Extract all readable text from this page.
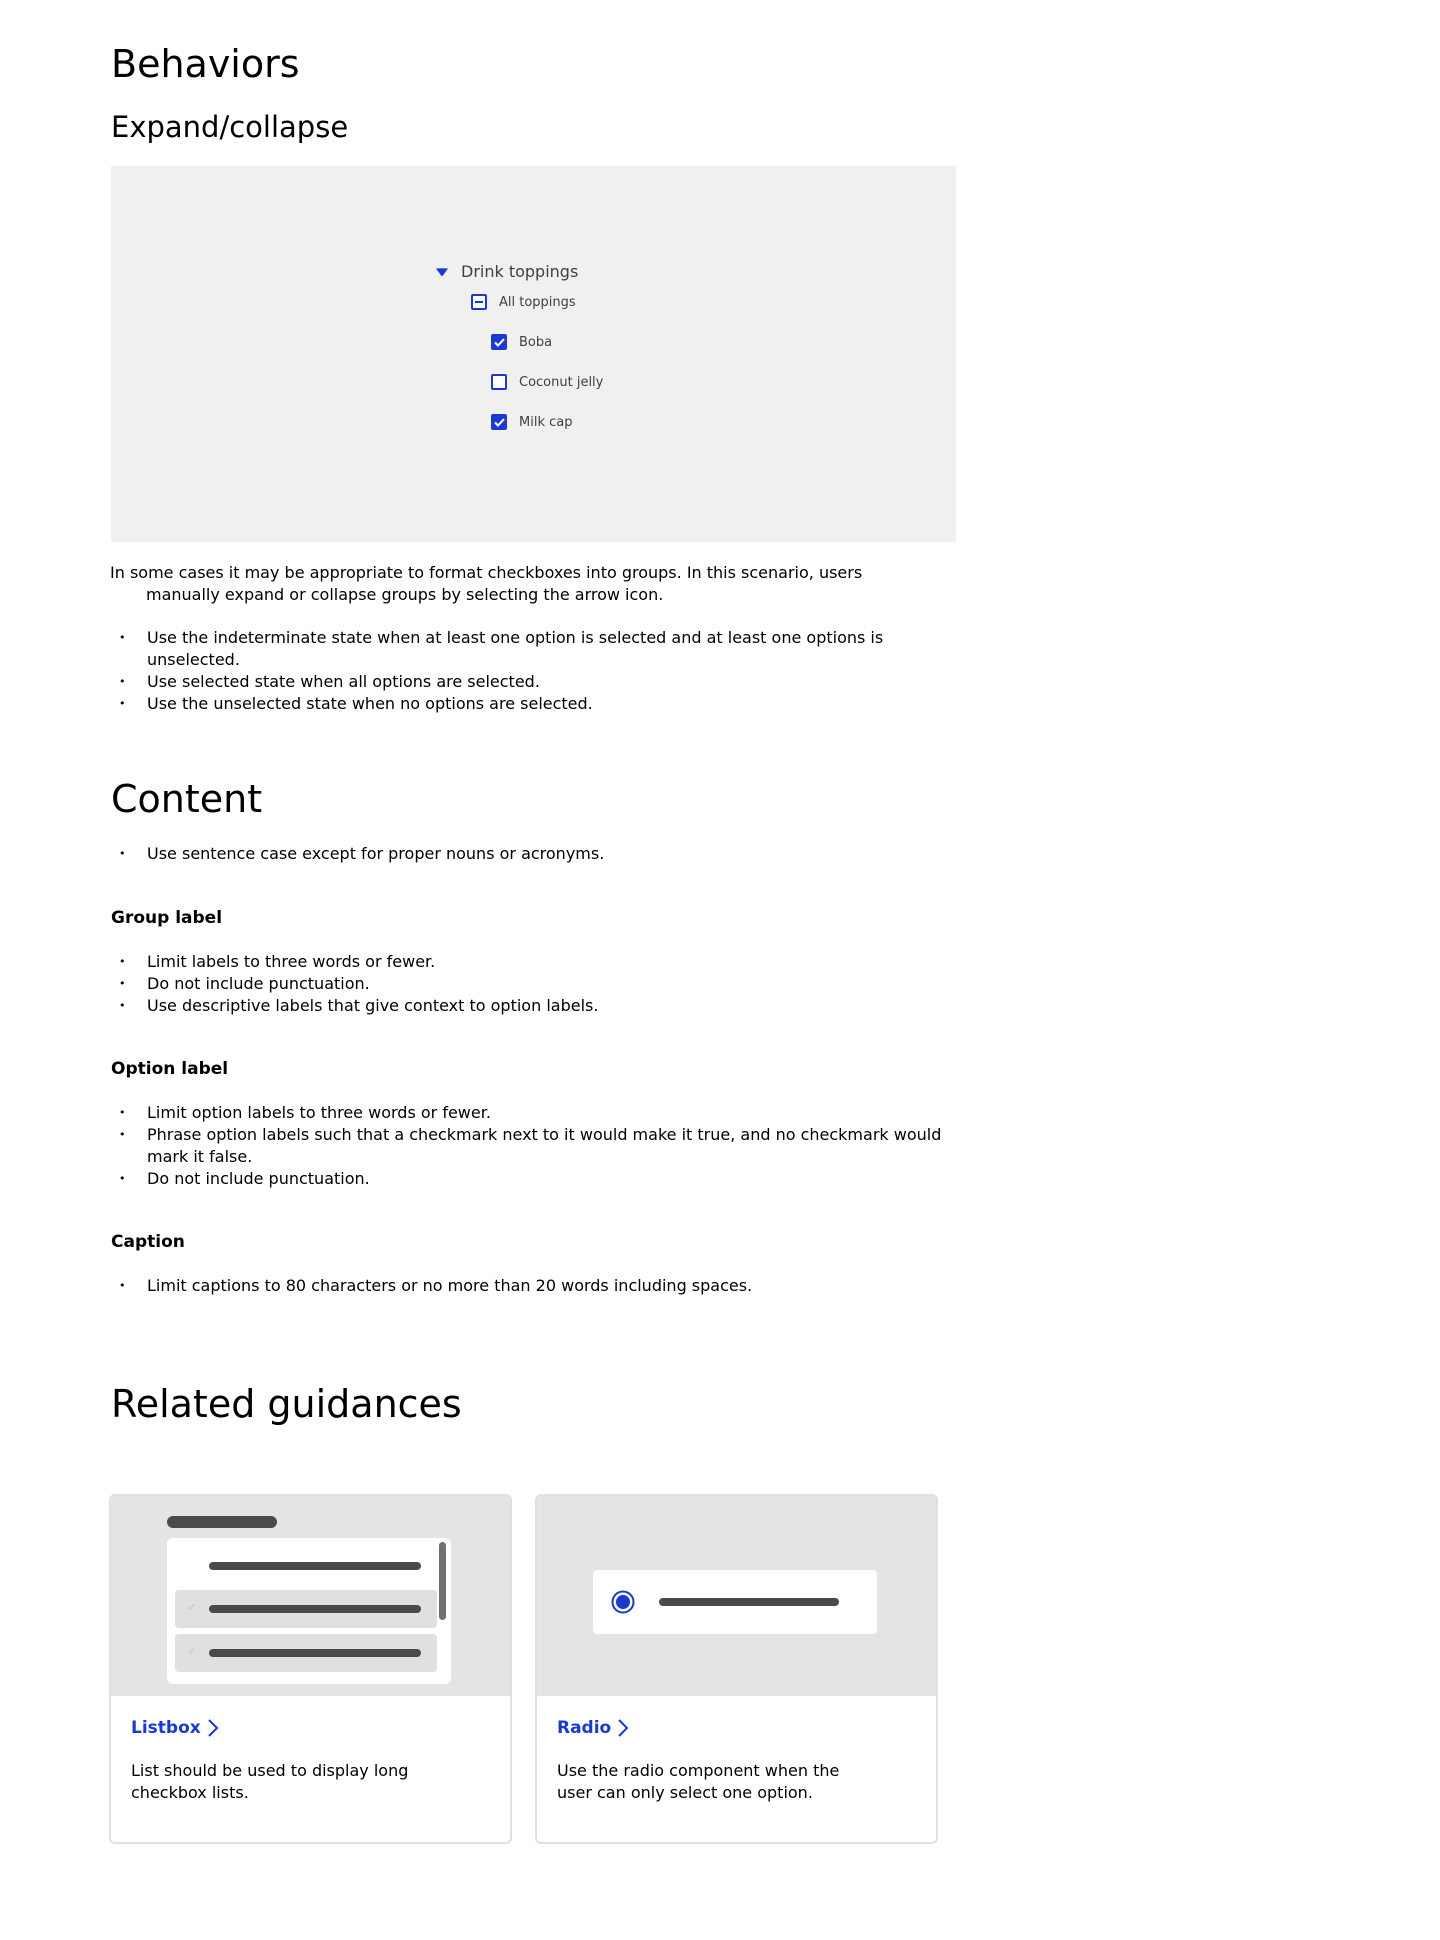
Behaviors
Expand/collapse
Drink toppings
All toppings
Boba
Coconut jelly
Milk cap

In some cases it may be appropriate to format checkboxes into groups. In this scenario, users manually expand or collapse groups by selecting the arrow icon.

• Use the indeterminate state when at least one option is selected and at least one options is unselected.
• Use selected state when all options are selected.
• Use the unselected state when no options are selected.
Content
• Use sentence case except for proper nouns or acronyms.
Group label
• Limit labels to three words or fewer.
• Do not include punctuation.
• Use descriptive labels that give context to option labels.
Option label
• Limit option labels to three words or fewer.
• Phrase option labels such that a checkmark next to it would make it true, and no checkmark would mark it false.
• Do not include punctuation.
Caption
• Limit captions to 80 characters or no more than 20 words including spaces.
Related guidances
✓
✓
Listbox

List should be used to display long checkbox lists.

Radio

Use the radio component when the user can only select one option.
